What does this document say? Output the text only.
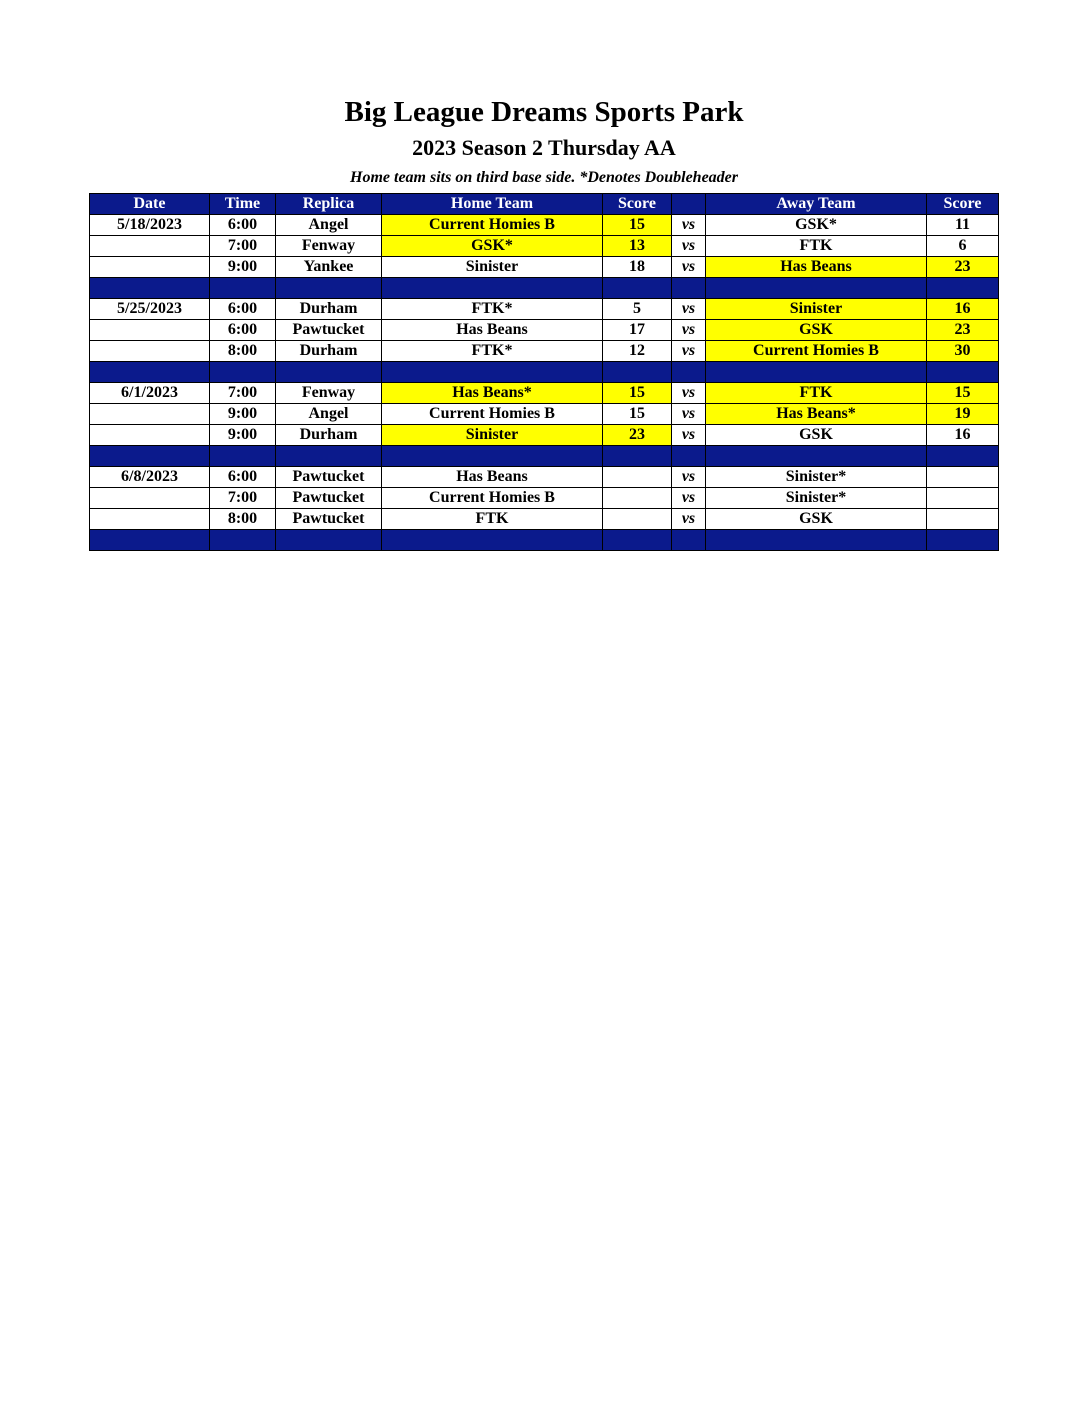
Big League Dreams Sports Park
2023 Season 2 Thursday AA
Home team sits on third base side. *Denotes Doubleheader
Date	Time	Replica	Home Team	Score		Away Team	Score
5/18/2023	6:00	Angel	Current Homies B	15	vs	GSK*	11
	7:00	Fenway	GSK*	13	vs	FTK	6
	9:00	Yankee	Sinister	18	vs	Has Beans	23

5/25/2023	6:00	Durham	FTK*	5	vs	Sinister	16
	6:00	Pawtucket	Has Beans	17	vs	GSK	23
	8:00	Durham	FTK*	12	vs	Current Homies B	30

6/1/2023	7:00	Fenway	Has Beans*	15	vs	FTK	15
	9:00	Angel	Current Homies B	15	vs	Has Beans*	19
	9:00	Durham	Sinister	23	vs	GSK	16

6/8/2023	6:00	Pawtucket	Has Beans		vs	Sinister*	
	7:00	Pawtucket	Current Homies B		vs	Sinister*	
	8:00	Pawtucket	FTK		vs	GSK	
